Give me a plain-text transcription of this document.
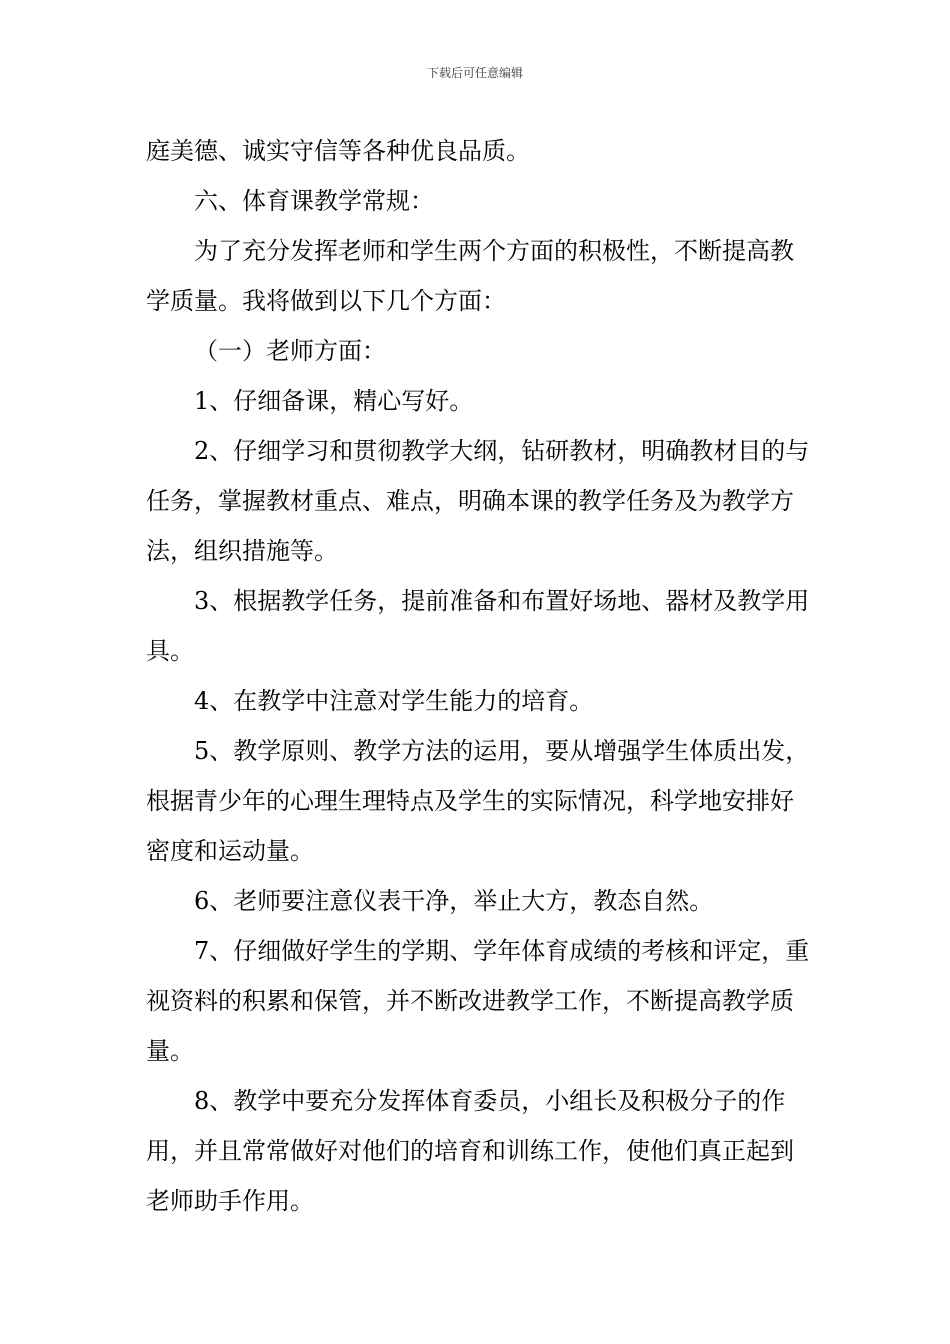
下载后可任意编辑

庭美德、诚实守信等各种优良品质。

六、体育课教学常规：

为了充分发挥老师和学生两个方面的积极性，不断提高教学质量。我将做到以下几个方面：

（一）老师方面：

1、仔细备课，精心写好。

2、仔细学习和贯彻教学大纲，钻研教材，明确教材目的与任务，掌握教材重点、难点，明确本课的教学任务及为教学方法，组织措施等。

3、根据教学任务，提前准备和布置好场地、器材及教学用具。

4、在教学中注意对学生能力的培育。

5、教学原则、教学方法的运用，要从增强学生体质出发，根据青少年的心理生理特点及学生的实际情况，科学地安排好密度和运动量。

6、老师要注意仪表干净，举止大方，教态自然。

7、仔细做好学生的学期、学年体育成绩的考核和评定，重视资料的积累和保管，并不断改进教学工作，不断提高教学质量。

8、教学中要充分发挥体育委员，小组长及积极分子的作用，并且常常做好对他们的培育和训练工作，使他们真正起到老师助手作用。
